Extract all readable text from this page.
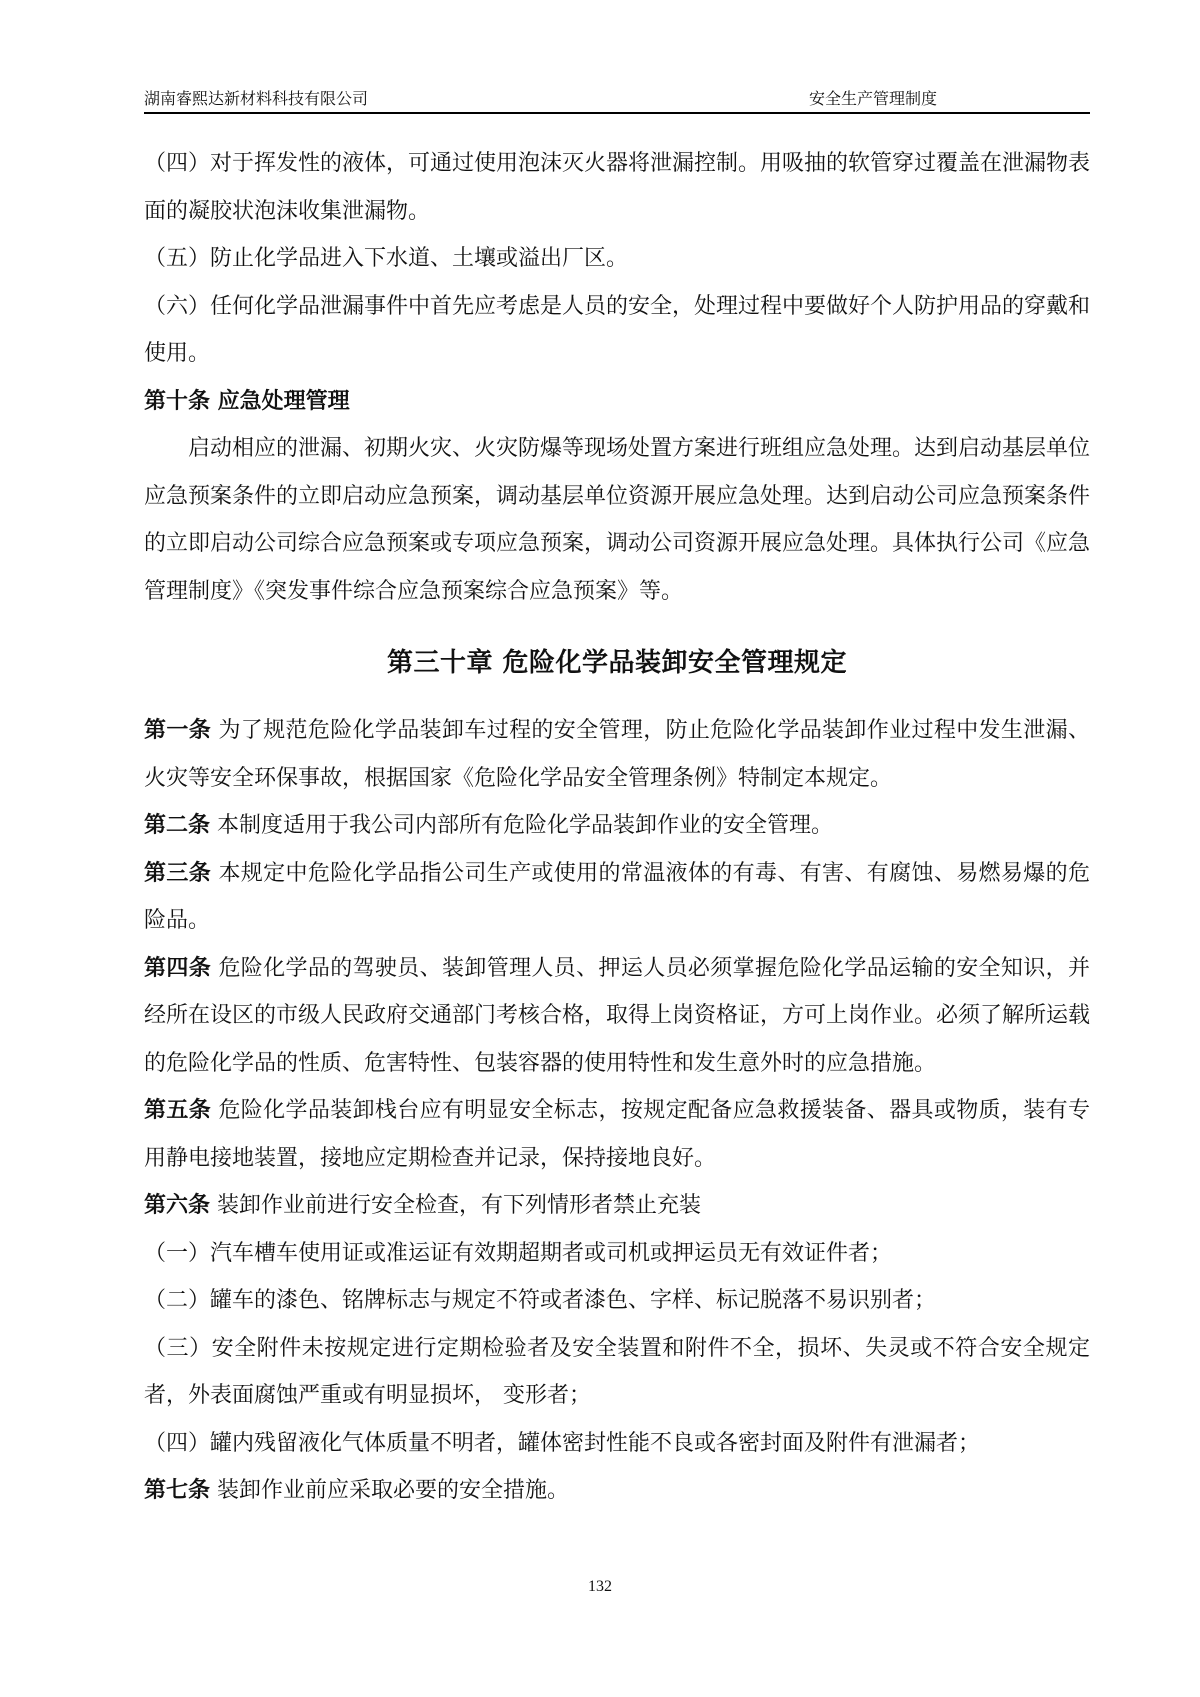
湖南睿熙达新材料科技有限公司	安全生产管理制度

（四）对于挥发性的液体，可通过使用泡沫灭火器将泄漏控制。用吸抽的软管穿过覆盖在泄漏物表面的凝胶状泡沫收集泄漏物。

（五）防止化学品进入下水道、土壤或溢出厂区。

（六）任何化学品泄漏事件中首先应考虑是人员的安全，处理过程中要做好个人防护用品的穿戴和使用。

第十条 应急处理管理

启动相应的泄漏、初期火灾、火灾防爆等现场处置方案进行班组应急处理。达到启动基层单位应急预案条件的立即启动应急预案，调动基层单位资源开展应急处理。达到启动公司应急预案条件的立即启动公司综合应急预案或专项应急预案，调动公司资源开展应急处理。具体执行公司《应急管理制度》《突发事件综合应急预案综合应急预案》等。

第三十章 危险化学品装卸安全管理规定

第一条 为了规范危险化学品装卸车过程的安全管理，防止危险化学品装卸作业过程中发生泄漏、火灾等安全环保事故，根据国家《危险化学品安全管理条例》特制定本规定。

第二条 本制度适用于我公司内部所有危险化学品装卸作业的安全管理。

第三条 本规定中危险化学品指公司生产或使用的常温液体的有毒、有害、有腐蚀、易燃易爆的危险品。

第四条 危险化学品的驾驶员、装卸管理人员、押运人员必须掌握危险化学品运输的安全知识，并经所在设区的市级人民政府交通部门考核合格，取得上岗资格证，方可上岗作业。必须了解所运载的危险化学品的性质、危害特性、包装容器的使用特性和发生意外时的应急措施。

第五条 危险化学品装卸栈台应有明显安全标志，按规定配备应急救援装备、器具或物质，装有专用静电接地装置，接地应定期检查并记录，保持接地良好。

第六条 装卸作业前进行安全检查，有下列情形者禁止充装

（一）汽车槽车使用证或准运证有效期超期者或司机或押运员无有效证件者；

（二）罐车的漆色、铭牌标志与规定不符或者漆色、字样、标记脱落不易识别者；

（三）安全附件未按规定进行定期检验者及安全装置和附件不全，损坏、失灵或不符合安全规定者，外表面腐蚀严重或有明显损坏， 变形者；

（四）罐内残留液化气体质量不明者，罐体密封性能不良或各密封面及附件有泄漏者；

第七条 装卸作业前应采取必要的安全措施。

132
